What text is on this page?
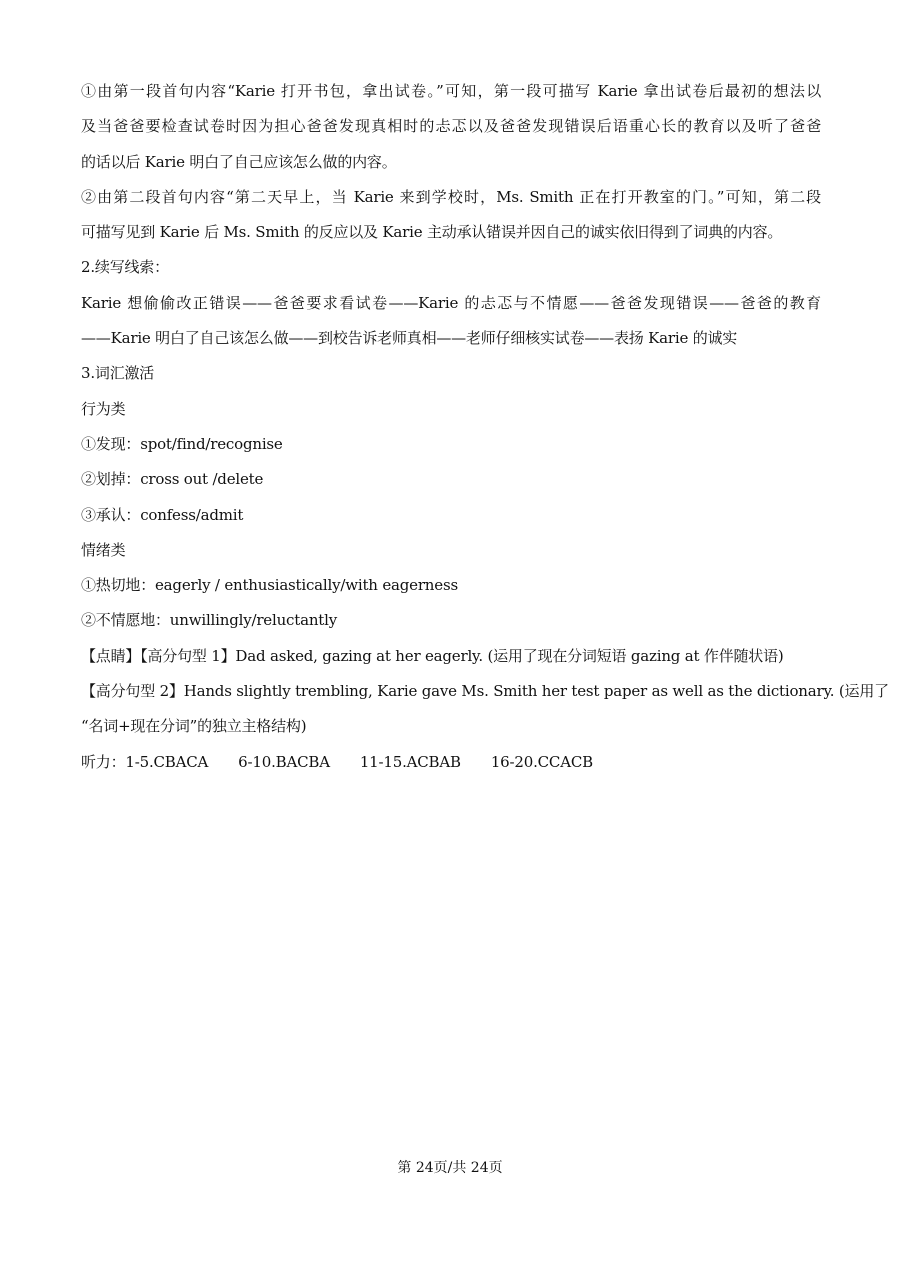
①由第一段首句内容“Karie 打开书包，拿出试卷。”可知，第一段可描写 Karie 拿出试卷后最初的想法以
及当爸爸要检查试卷时因为担心爸爸发现真相时的忐忑以及爸爸发现错误后语重心长的教育以及听了爸爸
的话以后 Karie 明白了自己应该怎么做的内容。
②由第二段首句内容“第二天早上，当 Karie 来到学校时，Ms. Smith 正在打开教室的门。”可知，第二段
可描写见到 Karie 后 Ms. Smith 的反应以及 Karie 主动承认错误并因自己的诚实依旧得到了词典的内容。
2.续写线索：
Karie 想偷偷改正错误——爸爸要求看试卷——Karie 的忐忑与不情愿——爸爸发现错误——爸爸的教育
——Karie 明白了自己该怎么做——到校告诉老师真相——老师仔细核实试卷——表扬 Karie 的诚实
3.词汇激活
行为类
①发现：spot/find/recognise
②划掉：cross out /delete
③承认：confess/admit
情绪类
①热切地：eagerly / enthusiastically/with eagerness
②不情愿地：unwillingly/reluctantly
【点睛】【高分句型 1】Dad asked, gazing at her eagerly. (运用了现在分词短语 gazing at 作伴随状语)
【高分句型 2】Hands slightly trembling, Karie gave Ms. Smith her test paper as well as the dictionary. (运用了
“名词+现在分词”的独立主格结构)
听力：1-5.CBACA 6-10.BACBA 11-15.ACBAB 16-20.CCACB
第 24页/共 24页
